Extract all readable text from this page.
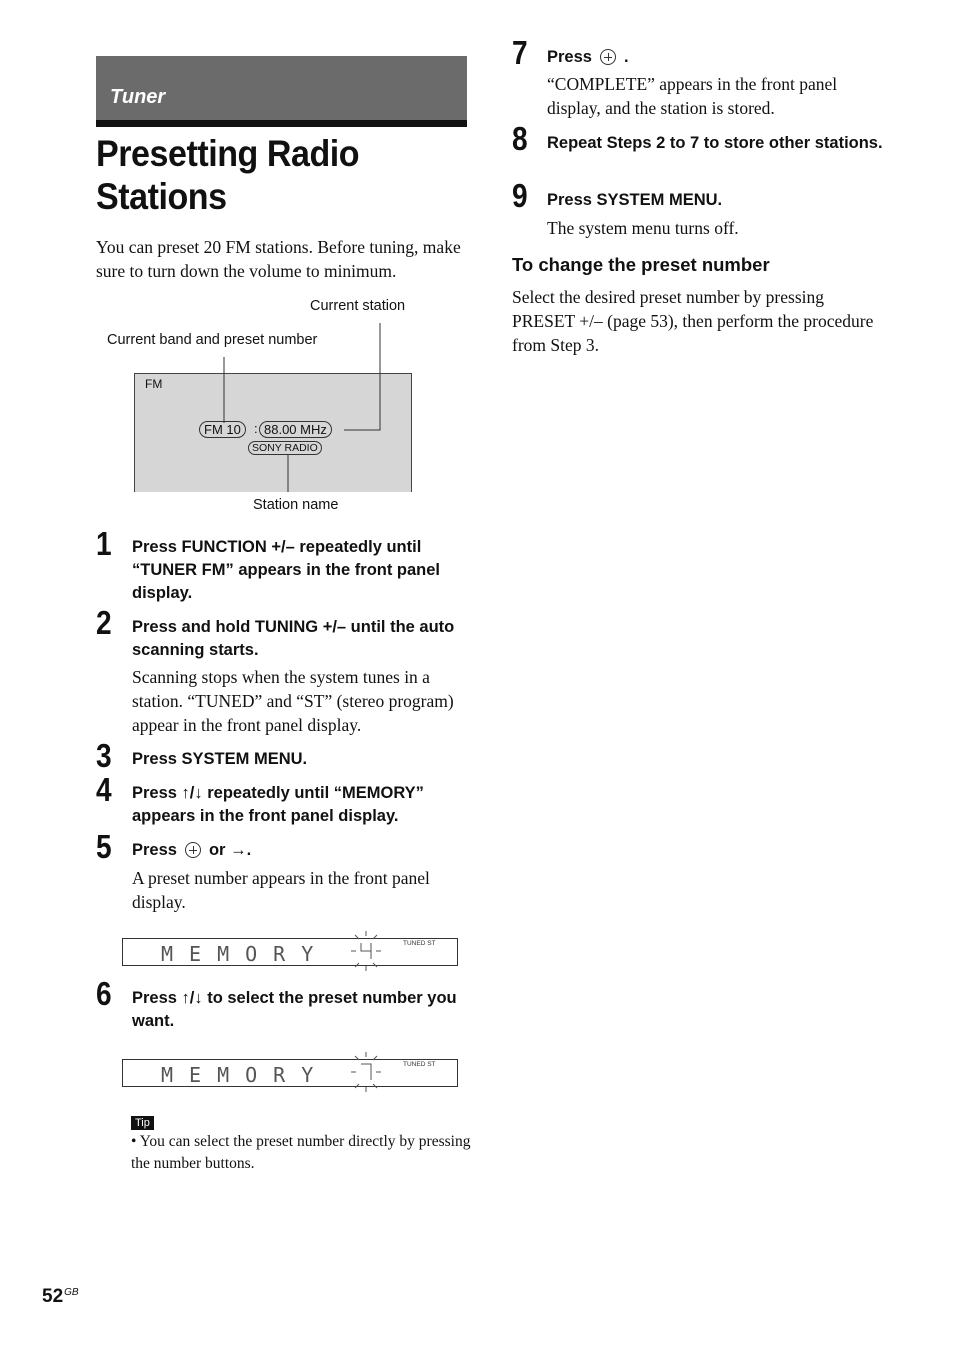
Tuner
Presetting Radio
Stations
You can preset 20 FM stations. Before tuning, make sure to turn down the volume to minimum.
Current station
Current band and preset number
FM
FM 10	: 88.00 MHz
SONY RADIO
Station name
1 Press FUNCTION +/– repeatedly until “TUNER FM” appears in the front panel display.
2 Press and hold TUNING +/– until the auto scanning starts.
Scanning stops when the system tunes in a station. “TUNED” and “ST” (stereo program) appear in the front panel display.
3 Press SYSTEM MENU.
4 Press ↑/↓ repeatedly until “MEMORY” appears in the front panel display.
5 Press or →.
A preset number appears in the front panel display.
MEMORY	TUNED ST
6 Press ↑/↓ to select the preset number you want.
MEMORY	TUNED ST
Tip
• You can select the preset number directly by pressing the number buttons.
7 Press .
“COMPLETE” appears in the front panel display, and the station is stored.
8 Repeat Steps 2 to 7 to store other stations.
9 Press SYSTEM MENU.
The system menu turns off.
To change the preset number
Select the desired preset number by pressing PRESET +/– (page 53), then perform the procedure from Step 3.
$52^{GB}$
